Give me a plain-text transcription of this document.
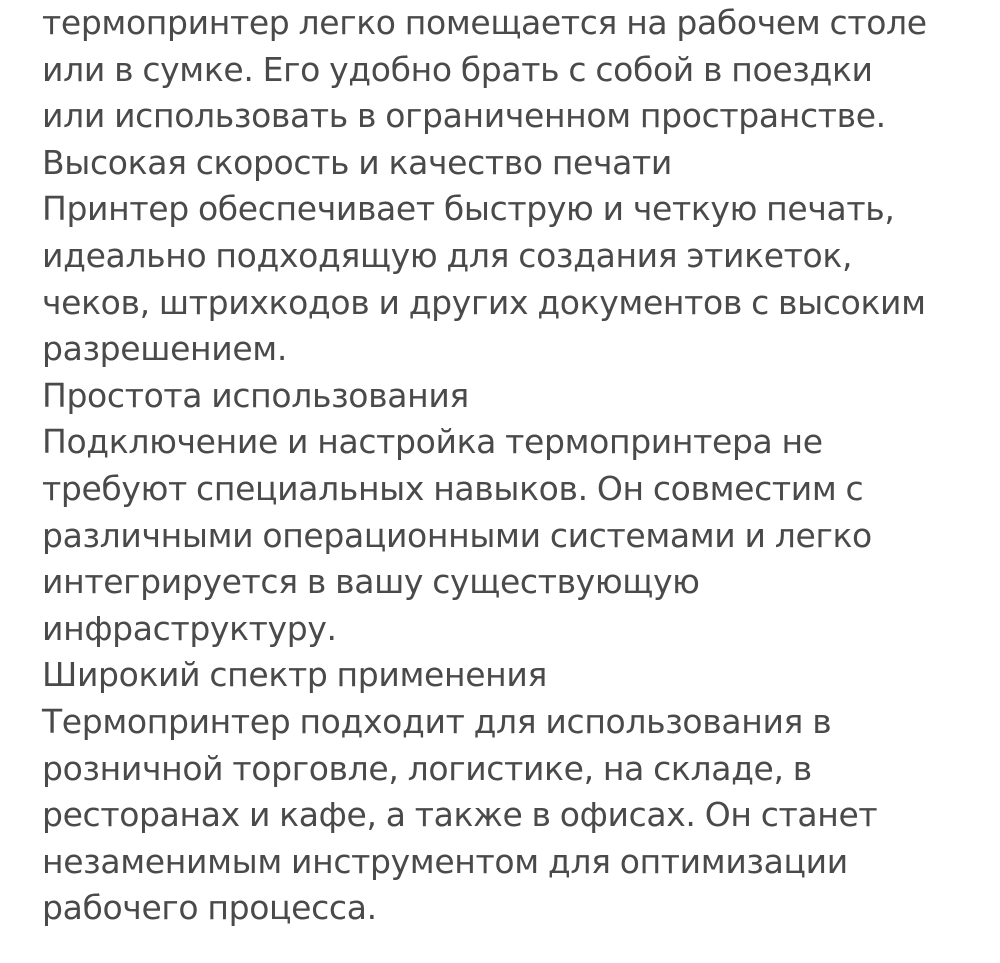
термопринтер легко помещается на рабочем столе
или в сумке. Его удобно брать с собой в поездки
или использовать в ограниченном пространстве.
Высокая скорость и качество печати
Принтер обеспечивает быструю и четкую печать,
идеально подходящую для создания этикеток,
чеков, штрихкодов и других документов с высоким
разрешением.
Простота использования
Подключение и настройка термопринтера не
требуют специальных навыков. Он совместим с
различными операционными системами и легко
интегрируется в вашу существующую
инфраструктуру.
Широкий спектр применения
Термопринтер подходит для использования в
розничной торговле, логистике, на складе, в
ресторанах и кафе, а также в офисах. Он станет
незаменимым инструментом для оптимизации
рабочего процесса.
